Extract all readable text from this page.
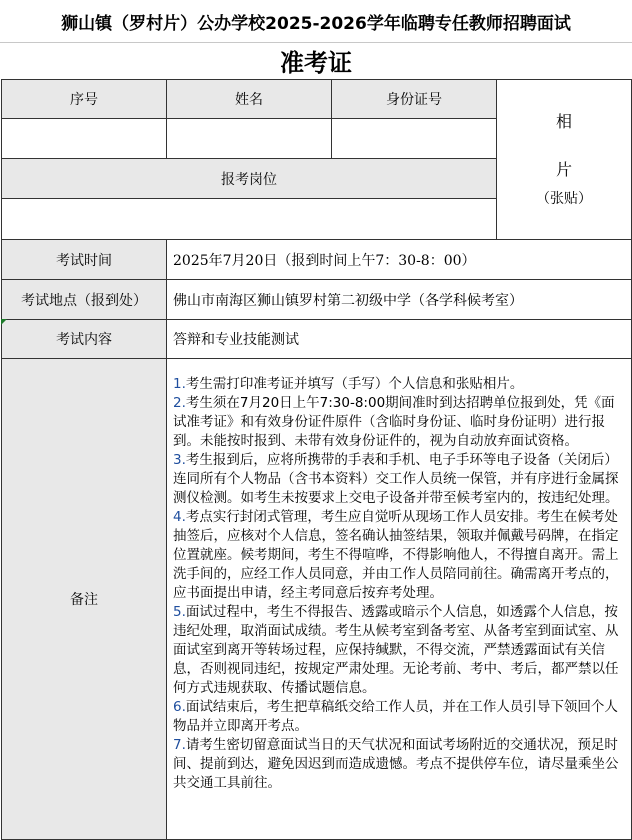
狮山镇（罗村片）公办学校2025-2026学年临聘专任教师招聘面试
准考证
序号	姓名	身份证号
相
片
（张贴）
报考岗位
考试时间	2025年7月20日（报到时间上午7：30-8：00）
考试地点（报到处）	佛山市南海区狮山镇罗村第二初级中学（各学科候考室）
考试内容	答辩和专业技能测试
备注

1.考生需打印准考证并填写（手写）个人信息和张贴相片。

2.考生须在7月20日上午7:30-8:00期间准时到达招聘单位报到处，凭《面试准考证》和有效身份证件原件（含临时身份证、临时身份证明）进行报到。未能按时报到、未带有效身份证件的，视为自动放弃面试资格。

3.考生报到后，应将所携带的手表和手机、电子手环等电子设备（关闭后）连同所有个人物品（含书本资料）交工作人员统一保管，并有序进行金属探测仪检测。如考生未按要求上交电子设备并带至候考室内的，按违纪处理。

4.考点实行封闭式管理，考生应自觉听从现场工作人员安排。考生在候考处抽签后，应核对个人信息，签名确认抽签结果，领取并佩戴号码牌，在指定位置就座。候考期间，考生不得喧哗，不得影响他人，不得擅自离开。需上洗手间的，应经工作人员同意，并由工作人员陪同前往。确需离开考点的，应书面提出申请，经主考同意后按弃考处理。

5.面试过程中，考生不得报告、透露或暗示个人信息，如透露个人信息，按违纪处理，取消面试成绩。考生从候考室到备考室、从备考室到面试室、从面试室到离开等转场过程，应保持缄默，不得交流，严禁透露面试有关信息，否则视同违纪，按规定严肃处理。无论考前、考中、考后，都严禁以任何方式违规获取、传播试题信息。

6.面试结束后，考生把草稿纸交给工作人员，并在工作人员引导下领回个人物品并立即离开考点。

7.请考生密切留意面试当日的天气状况和面试考场附近的交通状况，预足时间、提前到达，避免因迟到而造成遗憾。考点不提供停车位，请尽量乘坐公共交通工具前往。
